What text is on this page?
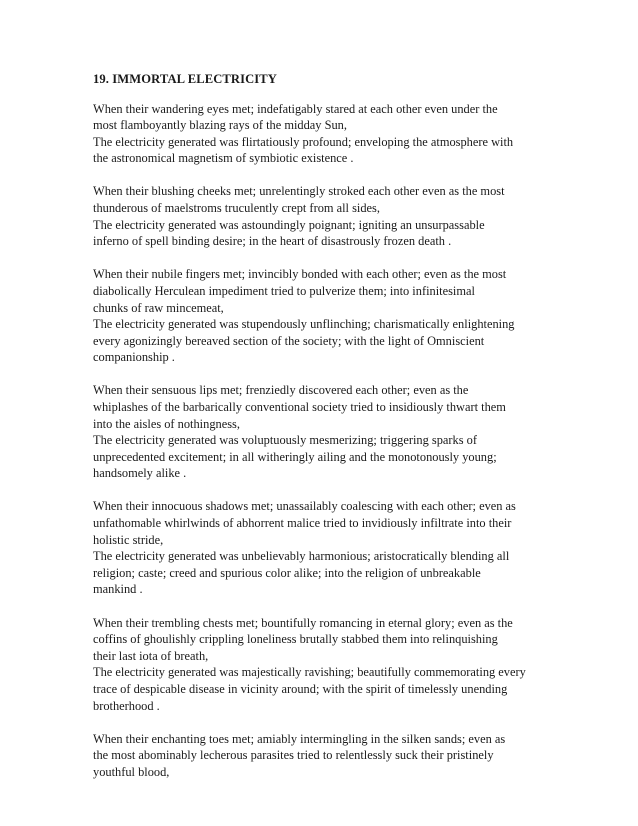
19. IMMORTAL ELECTRICITY
When their wandering eyes met; indefatigably stared at each other even under the
most flamboyantly blazing rays of the midday Sun,
The electricity generated was flirtatiously profound; enveloping the atmosphere with
the astronomical magnetism of symbiotic existence .
When their blushing cheeks met; unrelentingly stroked each other even as the most
thunderous of maelstroms truculently crept from all sides,
The electricity generated was astoundingly poignant; igniting an unsurpassable
inferno of spell binding desire; in the heart of disastrously frozen death .
When their nubile fingers met; invincibly bonded with each other; even as the most
diabolically Herculean impediment tried to pulverize them; into infinitesimal
chunks of raw mincemeat,
The electricity generated was stupendously unflinching; charismatically enlightening
every agonizingly bereaved section of the society; with the light of Omniscient
companionship .
When their sensuous lips met; frenziedly discovered each other; even as the
whiplashes of the barbarically conventional society tried to insidiously thwart them
into the aisles of nothingness,
The electricity generated was voluptuously mesmerizing; triggering sparks of
unprecedented excitement; in all witheringly ailing and the monotonously young;
handsomely alike .
When their innocuous shadows met; unassailably coalescing with each other; even as
unfathomable whirlwinds of abhorrent malice tried to invidiously infiltrate into their
holistic stride,
The electricity generated was unbelievably harmonious; aristocratically blending all
religion; caste; creed and spurious color alike; into the religion of unbreakable
mankind .
When their trembling chests met; bountifully romancing in eternal glory; even as the
coffins of ghoulishly crippling loneliness brutally stabbed them into relinquishing
their last iota of breath,
The electricity generated was majestically ravishing; beautifully commemorating every
trace of despicable disease in vicinity around; with the spirit of timelessly unending
brotherhood .
When their enchanting toes met; amiably intermingling in the silken sands; even as
the most abominably lecherous parasites tried to relentlessly suck their pristinely
youthful blood,
